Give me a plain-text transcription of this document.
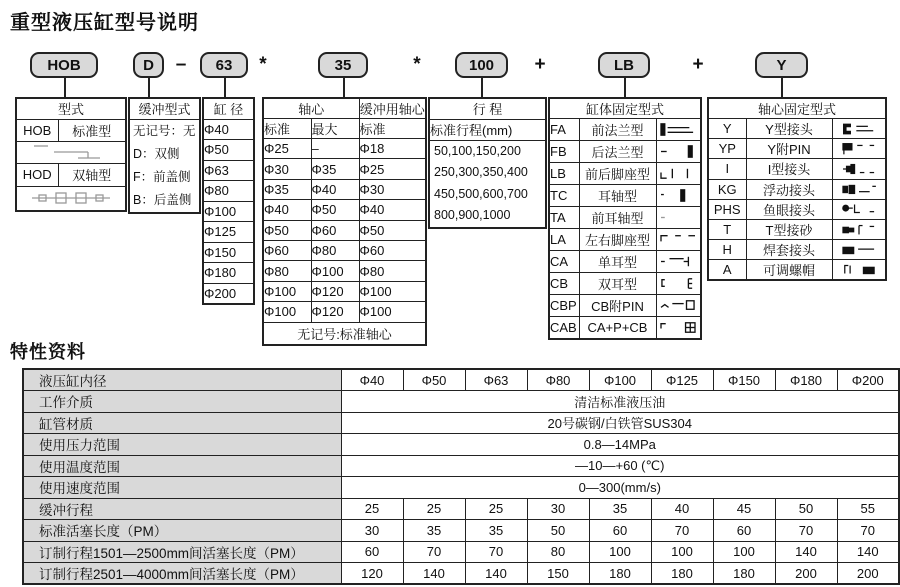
重型液压缸型号说明
特性资料
HOB	D	–	63	*	35	*	100	+	LB	+	Y
型式	
HOB	标准型

HOD	双轴型

缓冲型式

无记号：无
D：双侧
F：前盖侧
B：后盖侧
缸 径
Φ40
Φ50
Φ63
Φ80
Φ100
Φ125
Φ150
Φ180
Φ200
轴心		缓冲用轴心
标准	最大	标准
Φ25	–	Φ18
Φ30	Φ35	Φ25
Φ35	Φ40	Φ30
Φ40	Φ50	Φ40
Φ50	Φ60	Φ50
Φ60	Φ80	Φ60
Φ80	Φ100	Φ80
Φ100	Φ120	Φ100
Φ100	Φ120	Φ100
无记号:标准轴心		
行 程
标准行程(mm)

50,100,150,200
250,300,350,400
450,500,600,700
800,900,1000
缸体固定型式		
FA	前法兰型	

FB	后法兰型	

LB	前后脚座型	

TC	耳轴型	

TA	前耳轴型	

LA	左右脚座型	

CA	单耳型	

CB	双耳型	

CBP	CB附PIN	

CAB	CA+P+CB	
轴心固定型式		
Y	Y型接头	

YP	Y附PIN	

I	I型接头	

KG	浮动接头	

PHS	鱼眼接头	

T	T型接砂	

H	焊套接头	

A	可调螺帽	
液压缸内径	Φ40	Φ50	Φ63	Φ80	Φ100	Φ125	Φ150	Φ180	Φ200
工作介质	清洁标准液压油								
缸管材质	20号碳钢/白铁管SUS304								
使用压力范围	0.8—14MPa								
使用温度范围	—10—+60 (℃)								
使用速度范围	0—300(mm/s)								
缓冲行程	25	25	25	30	35	40	45	50	55
标准活塞长度（PM）	30	35	35	50	60	70	60	70	70
订制行程1501—2500mm间活塞长度（PM）	60	70	70	80	100	100	100	140	140
订制行程2501—4000mm间活塞长度（PM）	120	140	140	150	180	180	180	200	200
